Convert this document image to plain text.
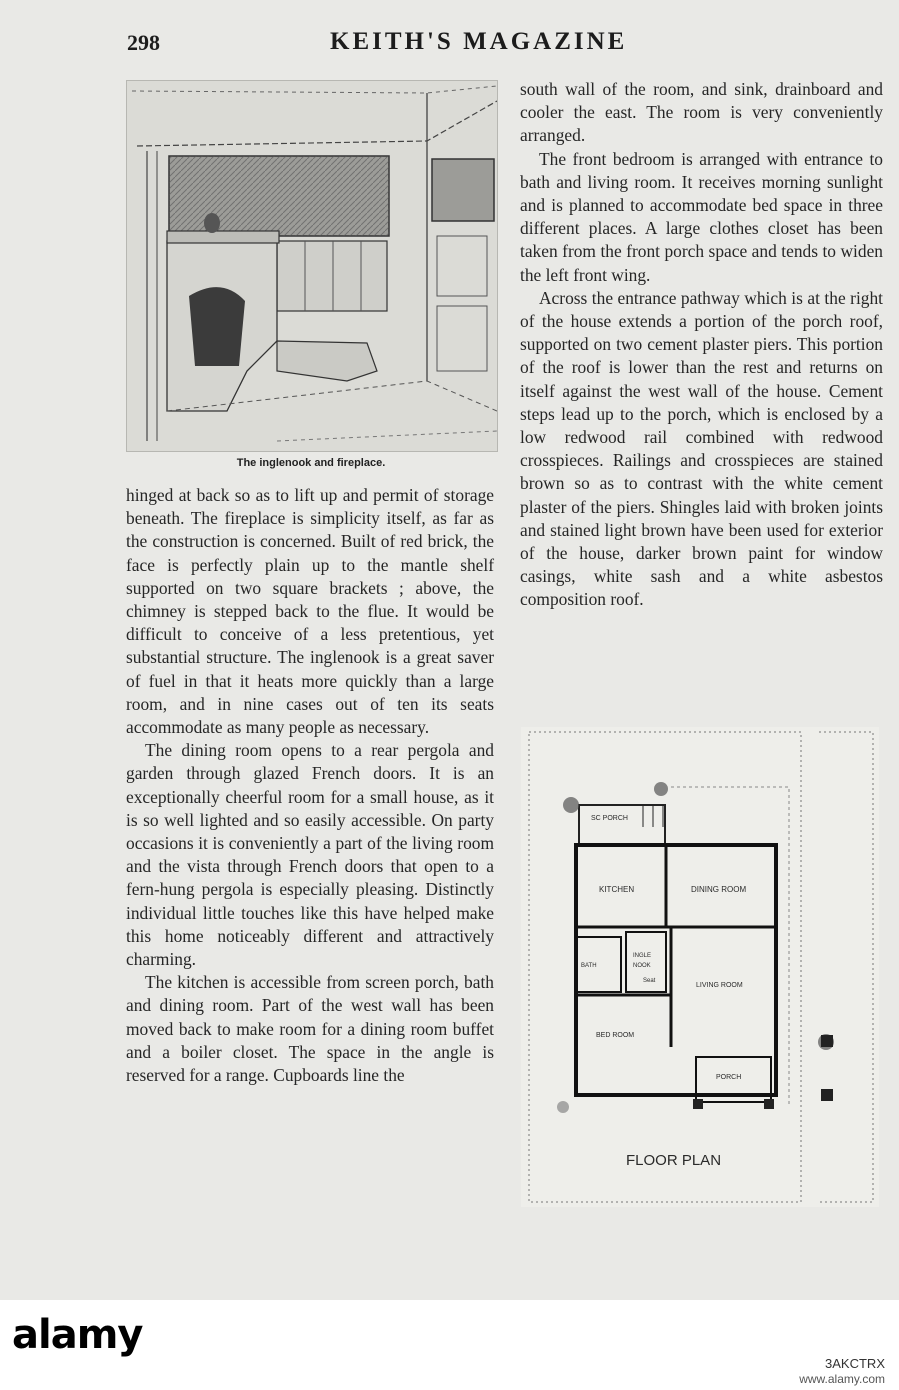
298	KEITH'S MAGAZINE
The inglenook and fireplace.

hinged at back so as to lift up and permit of storage beneath. The fireplace is simplicity itself, as far as the construction is concerned. Built of red brick, the face is perfectly plain up to the mantle shelf supported on two square brackets ; above, the chimney is stepped back to the flue. It would be difficult to conceive of a less pretentious, yet substantial structure. The inglenook is a great saver of fuel in that it heats more quickly than a large room, and in nine cases out of ten its seats accommodate as many people as necessary.

The dining room opens to a rear pergola and garden through glazed French doors. It is an exceptionally cheerful room for a small house, as it is so well lighted and so easily accessible. On party occasions it is conveniently a part of the living room and the vista through French doors that open to a fern-hung pergola is especially pleasing. Distinctly individual little touches like this have helped make this home noticeably different and attractively charming.

The kitchen is accessible from screen porch, bath and dining room. Part of the west wall has been moved back to make room for a dining room buffet and a boiler closet. The space in the angle is reserved for a range. Cupboards line the

south wall of the room, and sink, drainboard and cooler the east. The room is very conveniently arranged.

The front bedroom is arranged with entrance to bath and living room. It receives morning sunlight and is planned to accommodate bed space in three different places. A large clothes closet has been taken from the front porch space and tends to widen the left front wing.

Across the entrance pathway which is at the right of the house extends a portion of the porch roof, supported on two cement plaster piers. This portion of the roof is lower than the rest and returns on itself against the west wall of the house. Cement steps lead up to the porch, which is enclosed by a low redwood rail combined with redwood crosspieces. Railings and crosspieces are stained brown so as to contrast with the white cement plaster of the piers. Shingles laid with broken joints and stained light brown have been used for exterior of the house, darker brown paint for window casings, white sash and a white asbestos composition roof.

SC PORCH
KITCHEN	DINING ROOM
INGLE
NOOK
Seat
BATH
LIVING ROOM
BED ROOM
PORCH
FLOOR PLAN
alamy
3AKCTRX
www.alamy.com
